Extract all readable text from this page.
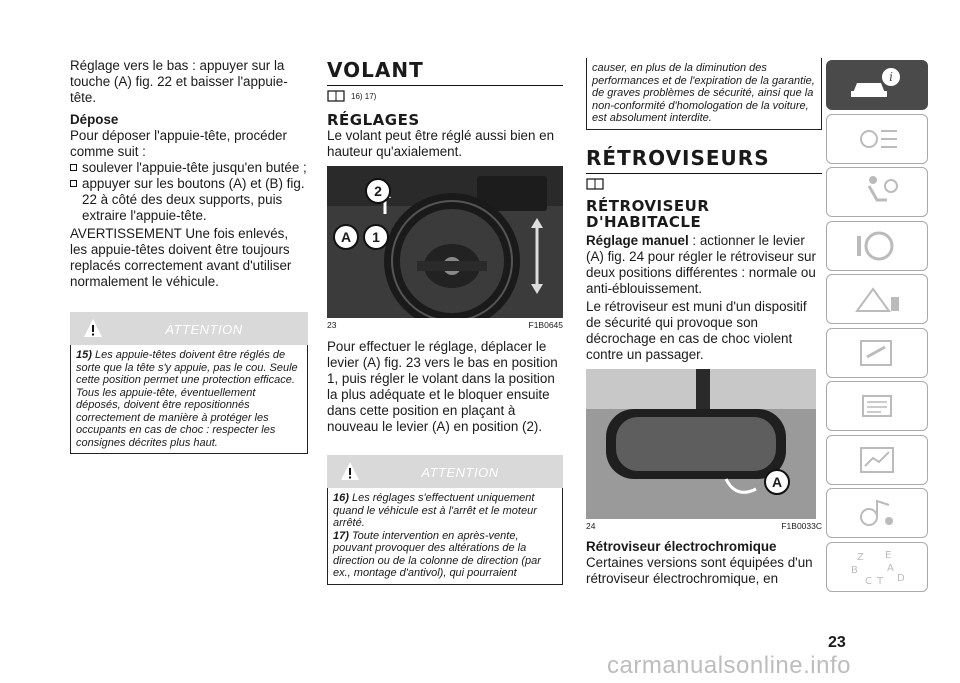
Réglage vers le bas : appuyer sur la touche (A) fig. 22 et baisser l'appuie-tête.

Dépose

Pour déposer l'appuie-tête, procéder comme suit :

soulever l'appuie-tête jusqu'en butée ;

appuyer sur les boutons (A) et (B) fig. 22 à côté des deux supports, puis extraire l'appuie-tête.

AVERTISSEMENT Une fois enlevés, les appuie-têtes doivent être toujours replacés correctement avant d'utiliser normalement le véhicule.

ATTENTION
15) Les appuie-têtes doivent être réglés de sorte que la tête s'y appuie, pas le cou. Seule cette position permet une protection efficace. Tous les appuie-tête, éventuellement déposés, doivent être repositionnés correctement de manière à protéger les occupants en cas de choc : respecter les consignes décrites plus haut.
VOLANT
16) 17)

RÉGLAGES

Le volant peut être réglé aussi bien en hauteur qu'axialement.

2
A	1
23	F1B0645

Pour effectuer le réglage, déplacer le levier (A) fig. 23 vers le bas en position 1, puis régler le volant dans la position la plus adéquate et le bloquer ensuite dans cette position en plaçant à nouveau le levier (A) en position (2).

ATTENTION
16) Les réglages s'effectuent uniquement quand le véhicule est à l'arrêt et le moteur arrêté.
17) Toute intervention en après-vente, pouvant provoquer des altérations de la direction ou de la colonne de direction (par ex., montage d'antivol), qui pourraient
causer, en plus de la diminution des performances et de l'expiration de la garantie, de graves problèmes de sécurité, ainsi que la non-conformité d'homologation de la voiture, est absolument interdite.
RÉTROVISEURS

RÉTROVISEUR D'HABITACLE

Réglage manuel : actionner le levier (A) fig. 24 pour régler le rétroviseur sur deux positions différentes : normale ou anti-éblouissement.

Le rétroviseur est muni d'un dispositif de sécurité qui provoque son décrochage en cas de choc violent contre un passager.

A
24	F1B0033C

Rétroviseur électrochromique

Certaines versions sont équipées d'un rétroviseur électrochromique, en

i
Z E
B	A
C T D
23
carmanualsonline.info
